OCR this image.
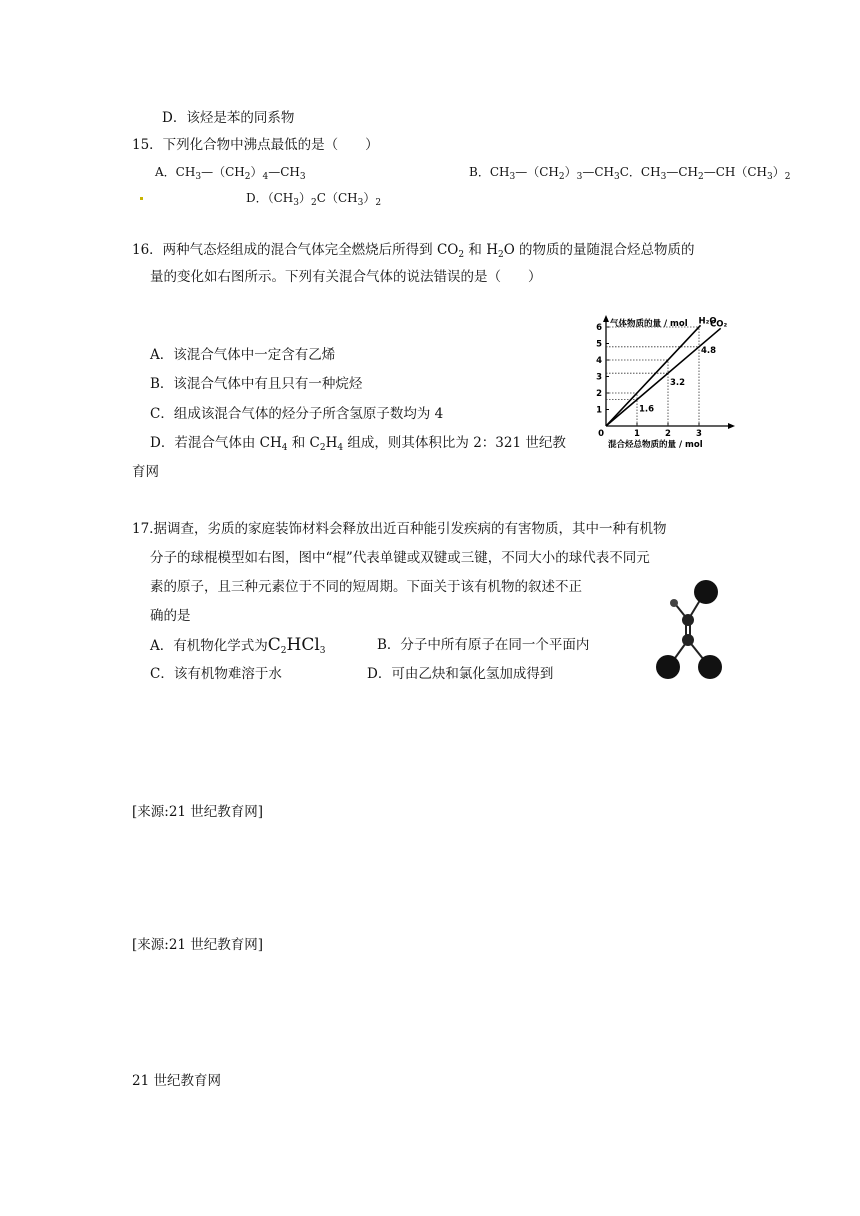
D．该烃是苯的同系物
15．下列化合物中沸点最低的是（　　）
A．$CH_3—(CH_2)_4—CH_3$	B．$CH_3—(CH_2)_3—CH_3C$．$CH_3—CH_2—CH(CH_3)_2$
D．$(CH_3)_2C(CH_3)_2$
16．两种气态烃组成的混合气体完全燃烧后所得到 $CO_2$ 和 $H_2O$ 的物质的量随混合烃总物质的
量的变化如右图所示。下列有关混合气体的说法错误的是（　　）
A．该混合气体中一定含有乙烯
B．该混合气体中有且只有一种烷烃
C．组成该混合气体的烃分子所含氢原子数均为 4
D．若混合气体由 $CH_4$ 和 $C_2H_4$ 组成，则其体积比为 2：321 世纪教
育网
0	1	2	3
1
2
3
4
5
6
H₂O
CO₂
1.6
3.2
4.8
气体物质的量 / mol
混合烃总物质的量 / mol
17.据调查，劣质的家庭装饰材料会释放出近百种能引发疾病的有害物质，其中一种有机物
分子的球棍模型如右图，图中“棍”代表单键或双键或三键，不同大小的球代表不同元
素的原子，且三种元素位于不同的短周期。下面关于该有机物的叙述不正
确的是
A．有机物化学式为$C_2HCl_3$	B．分子中所有原子在同一个平面内
C．该有机物难溶于水	D．可由乙炔和氯化氢加成得到
[来源:21 世纪教育网]
[来源:21 世纪教育网]
21 世纪教育网
